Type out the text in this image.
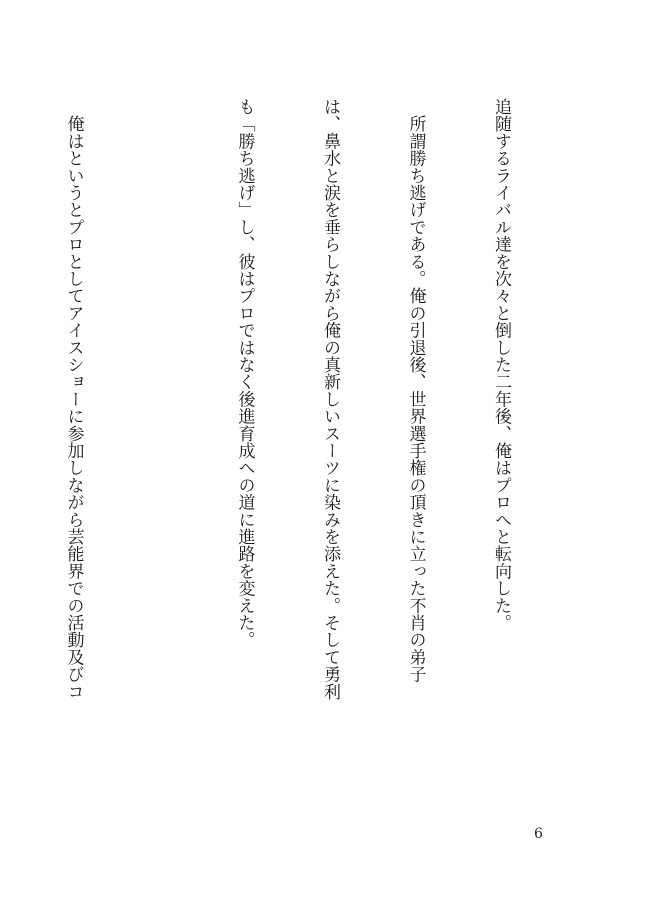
追随するライバル達を次々と倒した二年後、俺はプロへと転向した。

　所謂勝ち逃げである。俺の引退後、世界選手権の頂きに立った不肖の弟子

は、鼻水と涙を垂らしながら俺の真新しいスーツに染みを添えた。そして勇利

も「勝ち逃げ」し、彼はプロではなく後進育成への道に進路を変えた。

　俺はというとプロとしてアイスショーに参加しながら芸能界での活動及びコ

6
